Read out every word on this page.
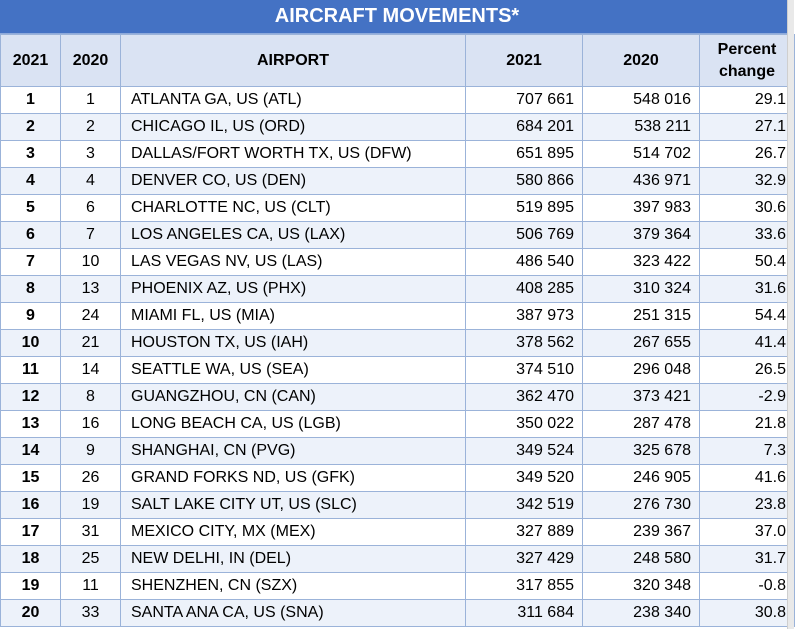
AIRCRAFT MOVEMENTS*
2021	2020	AIRPORT	2021	2020	Percent
change
1	1	ATLANTA GA, US (ATL)	707 661	548 016	29.1
2	2	CHICAGO IL, US (ORD)	684 201	538 211	27.1
3	3	DALLAS/FORT WORTH TX, US (DFW)	651 895	514 702	26.7
4	4	DENVER CO, US (DEN)	580 866	436 971	32.9
5	6	CHARLOTTE NC, US (CLT)	519 895	397 983	30.6
6	7	LOS ANGELES CA, US (LAX)	506 769	379 364	33.6
7	10	LAS VEGAS NV, US (LAS)	486 540	323 422	50.4
8	13	PHOENIX AZ, US (PHX)	408 285	310 324	31.6
9	24	MIAMI FL, US (MIA)	387 973	251 315	54.4
10	21	HOUSTON TX, US (IAH)	378 562	267 655	41.4
11	14	SEATTLE WA, US (SEA)	374 510	296 048	26.5
12	8	GUANGZHOU, CN (CAN)	362 470	373 421	-2.9
13	16	LONG BEACH CA, US (LGB)	350 022	287 478	21.8
14	9	SHANGHAI, CN (PVG)	349 524	325 678	7.3
15	26	GRAND FORKS ND, US (GFK)	349 520	246 905	41.6
16	19	SALT LAKE CITY UT, US (SLC)	342 519	276 730	23.8
17	31	MEXICO CITY, MX (MEX)	327 889	239 367	37.0
18	25	NEW DELHI, IN (DEL)	327 429	248 580	31.7
19	11	SHENZHEN, CN (SZX)	317 855	320 348	-0.8
20	33	SANTA ANA CA, US (SNA)	311 684	238 340	30.8
